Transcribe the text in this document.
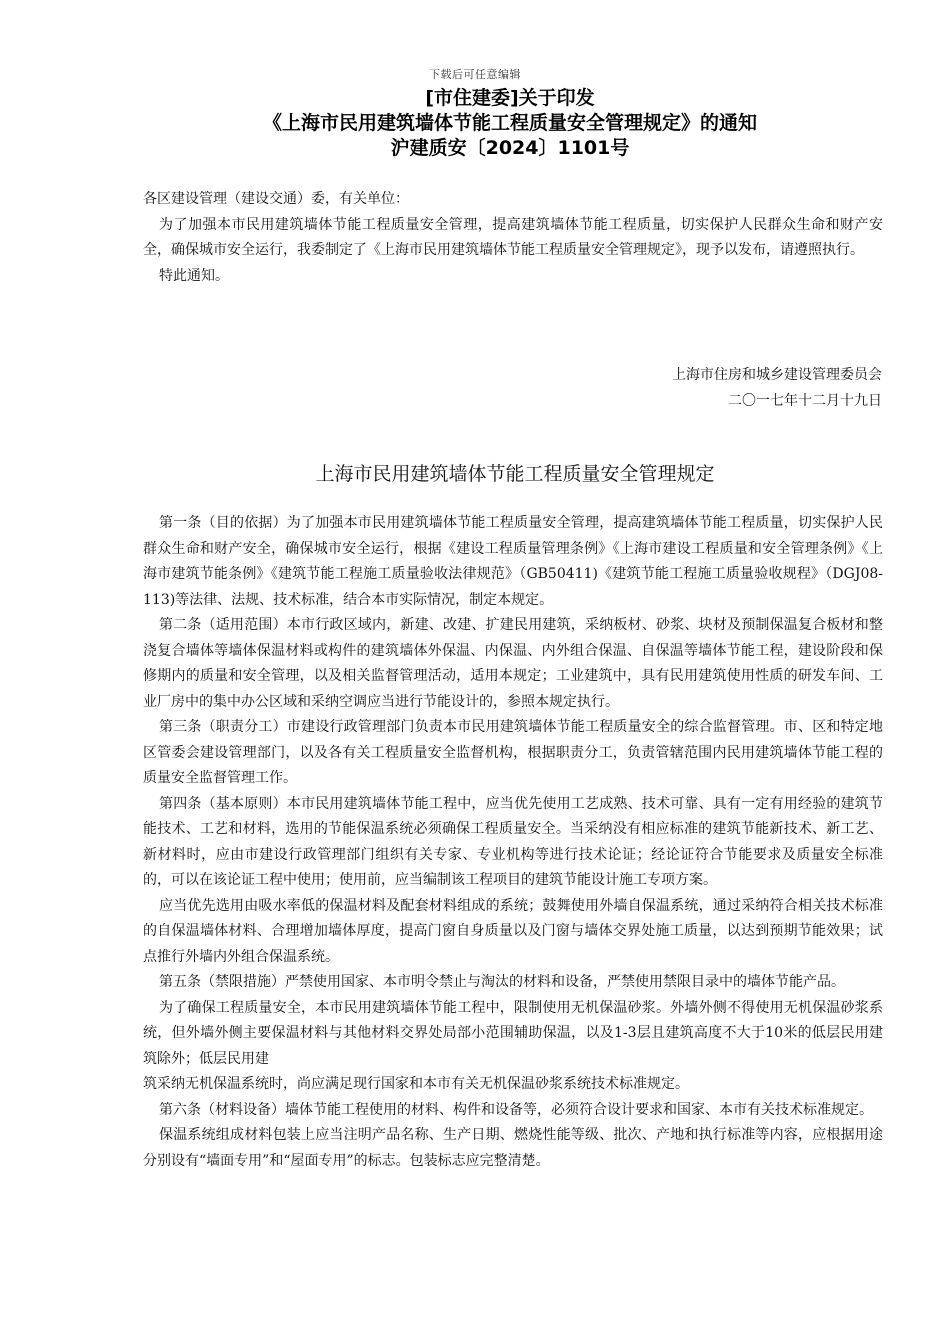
下载后可任意编辑
[市住建委]关于印发
《上海市民用建筑墙体节能工程质量安全管理规定》的通知
沪建质安〔2024〕1101号

各区建设管理（建设交通）委，有关单位：

为了加强本市民用建筑墙体节能工程质量安全管理，提高建筑墙体节能工程质量，切实保护人民群众生命和财产安全，确保城市安全运行，我委制定了《上海市民用建筑墙体节能工程质量安全管理规定》，现予以发布，请遵照执行。

特此通知。

上海市住房和城乡建设管理委员会
二〇一七年十二月十九日
上海市民用建筑墙体节能工程质量安全管理规定

第一条（目的依据）为了加强本市民用建筑墙体节能工程质量安全管理，提高建筑墙体节能工程质量，切实保护人民群众生命和财产安全，确保城市安全运行，根据《建设工程质量管理条例》《上海市建设工程质量和安全管理条例》《上海市建筑节能条例》《建筑节能工程施工质量验收法律规范》（GB50411)《建筑节能工程施工质量验收规程》（DGJ08-113)等法律、法规、技术标准，结合本市实际情况，制定本规定。

第二条（适用范围）本市行政区域内，新建、改建、扩建民用建筑，采纳板材、砂浆、块材及预制保温复合板材和整浇复合墙体等墙体保温材料或构件的建筑墙体外保温、内保温、内外组合保温、自保温等墙体节能工程，建设阶段和保修期内的质量和安全管理，以及相关监督管理活动，适用本规定；工业建筑中，具有民用建筑使用性质的研发车间、工业厂房中的集中办公区域和采纳空调应当进行节能设计的，参照本规定执行。

第三条（职责分工）市建设行政管理部门负责本市民用建筑墙体节能工程质量安全的综合监督管理。市、区和特定地区管委会建设管理部门，以及各有关工程质量安全监督机构，根据职责分工，负责管辖范围内民用建筑墙体节能工程的质量安全监督管理工作。

第四条（基本原则）本市民用建筑墙体节能工程中，应当优先使用工艺成熟、技术可靠、具有一定有用经验的建筑节能技术、工艺和材料，选用的节能保温系统必须确保工程质量安全。当采纳没有相应标准的建筑节能新技术、新工艺、新材料时，应由市建设行政管理部门组织有关专家、专业机构等进行技术论证；经论证符合节能要求及质量安全标准的，可以在该论证工程中使用；使用前，应当编制该工程项目的建筑节能设计施工专项方案。

应当优先选用由吸水率低的保温材料及配套材料组成的系统；鼓舞使用外墙自保温系统，通过采纳符合相关技术标准的自保温墙体材料、合理增加墙体厚度，提高门窗自身质量以及门窗与墙体交界处施工质量，以达到预期节能效果；试点推行外墙内外组合保温系统。

第五条（禁限措施）严禁使用国家、本市明令禁止与淘汰的材料和设备，严禁使用禁限目录中的墙体节能产品。

为了确保工程质量安全，本市民用建筑墙体节能工程中，限制使用无机保温砂浆。外墙外侧不得使用无机保温砂浆系统，但外墙外侧主要保温材料与其他材料交界处局部小范围辅助保温，以及1-3层且建筑高度不大于10米的低层民用建筑除外；低层民用建

筑采纳无机保温系统时，尚应满足现行国家和本市有关无机保温砂浆系统技术标准规定。

第六条（材料设备）墙体节能工程使用的材料、构件和设备等，必须符合设计要求和国家、本市有关技术标准规定。

保温系统组成材料包装上应当注明产品名称、生产日期、燃烧性能等级、批次、产地和执行标准等内容，应根据用途分别设有“墙面专用”和“屋面专用”的标志。包装标志应完整清楚。
